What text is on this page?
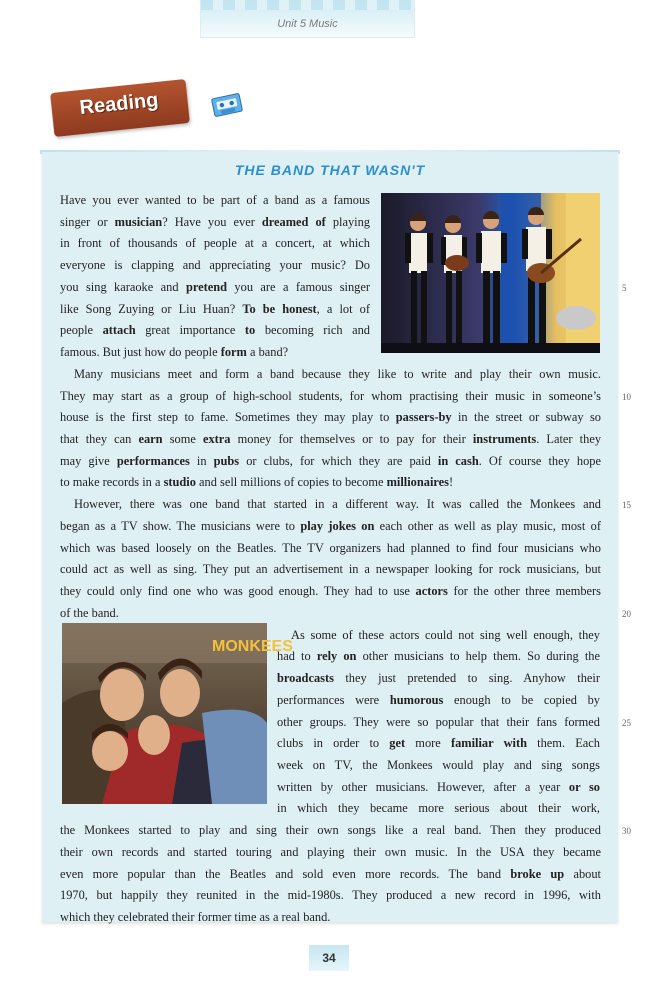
Unit 5 Music
Reading
THE BAND THAT WASN'T
MONKEES
Have you ever wanted to be part of a band as a famous
singer or musician? Have you ever dreamed of playing
in front of thousands of people at a concert, at which
everyone is clapping and appreciating your music? Do
you sing karaoke and pretend you are a famous singer
like Song Zuying or Liu Huan? To be honest, a lot of
people attach great importance to becoming rich and
famous. But just how do people form a band?
Many musicians meet and form a band because they like to write and play their own music.
They may start as a group of high-school students, for whom practising their music in someone’s
house is the first step to fame. Sometimes they may play to passers-by in the street or subway so
that they can earn some extra money for themselves or to pay for their instruments. Later they
may give performances in pubs or clubs, for which they are paid in cash. Of course they hope
to make records in a studio and sell millions of copies to become millionaires!
However, there was one band that started in a different way. It was called the Monkees and
began as a TV show. The musicians were to play jokes on each other as well as play music, most of
which was based loosely on the Beatles. The TV organizers had planned to find four musicians who
could act as well as sing. They put an advertisement in a newspaper looking for rock musicians, but
they could only find one who was good enough. They had to use actors for the other three members
of the band.
As some of these actors could not sing well enough, they
had to rely on other musicians to help them. So during the
broadcasts they just pretended to sing. Anyhow their
performances were humorous enough to be copied by
other groups. They were so popular that their fans formed
clubs in order to get more familiar with them. Each
week on TV, the Monkees would play and sing songs
written by other musicians. However, after a year or so
in which they became more serious about their work,
the Monkees started to play and sing their own songs like a real band. Then they produced
their own records and started touring and playing their own music. In the USA they became
even more popular than the Beatles and sold even more records. The band broke up about
1970, but happily they reunited in the mid-1980s. They produced a new record in 1996, with
which they celebrated their former time as a real band.
5
10
15
20
25
30
34
